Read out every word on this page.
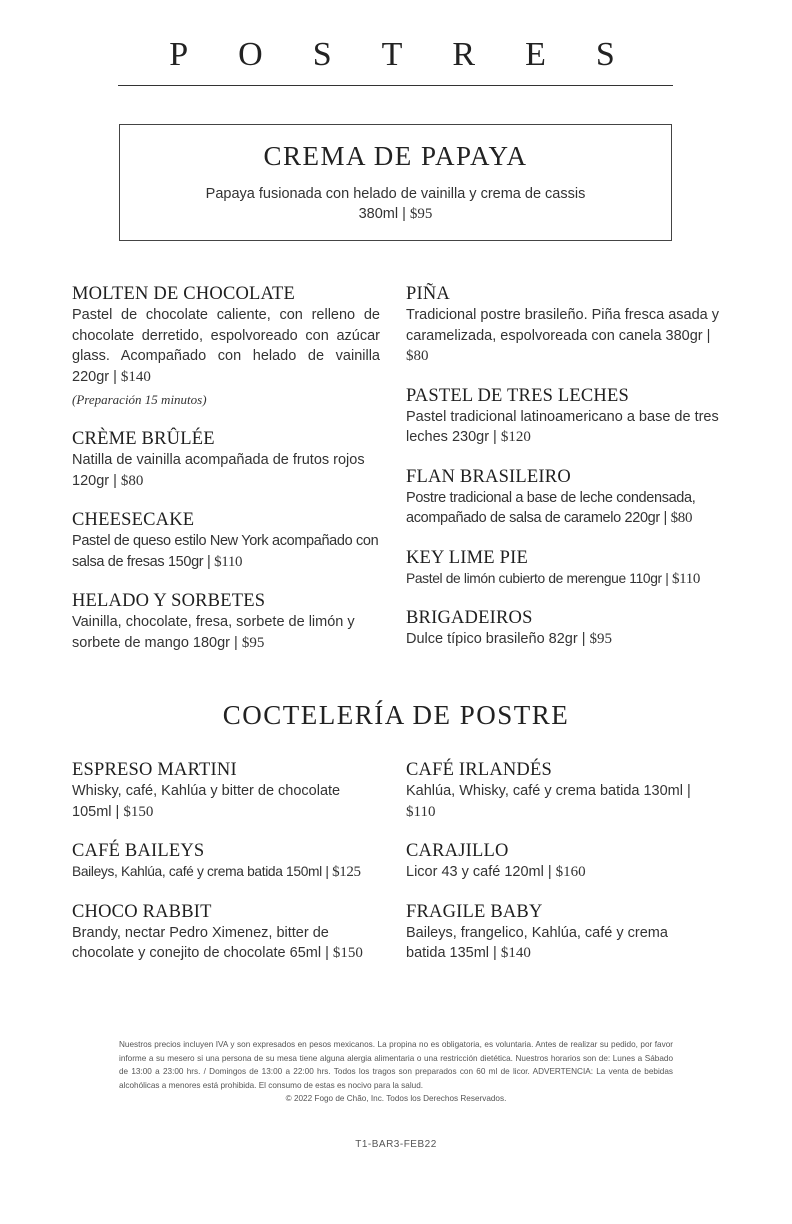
POSTRES
CREMA DE PAPAYA
Papaya fusionada con helado de vainilla y crema de cassis
380ml | $95
MOLTEN DE CHOCOLATE
Pastel de chocolate caliente, con relleno de chocolate derretido, espolvoreado con azúcar glass. Acompañado con helado de vainilla 220gr | $140
(Preparación 15 minutos)
CRÈME BRÛLÉE
Natilla de vainilla acompañada de frutos rojos 120gr | $80
CHEESECAKE
Pastel de queso estilo New York acompañado con salsa de fresas 150gr | $110
HELADO Y SORBETES
Vainilla, chocolate, fresa, sorbete de limón y sorbete de mango 180gr | $95
PIÑA
Tradicional postre brasileño. Piña fresca asada y caramelizada, espolvoreada con canela 380gr | $80
PASTEL DE TRES LECHES
Pastel tradicional latinoamericano a base de tres leches 230gr | $120
FLAN BRASILEIRO
Postre tradicional a base de leche condensada, acompañado de salsa de caramelo 220gr | $80
KEY LIME PIE
Pastel de limón cubierto de merengue 110gr | $110
BRIGADEIROS
Dulce típico brasileño 82gr | $95
COCTELERÍA DE POSTRE
ESPRESO MARTINI
Whisky, café, Kahlúa y bitter de chocolate 105ml | $150
CAFÉ BAILEYS
Baileys, Kahlúa, café y crema batida 150ml | $125
CHOCO RABBIT
Brandy, nectar Pedro Ximenez, bitter de chocolate y conejito de chocolate 65ml | $150
CAFÉ IRLANDÉS
Kahlúa, Whisky, café y crema batida 130ml | $110
CARAJILLO
Licor 43 y café 120ml | $160
FRAGILE BABY
Baileys, frangelico, Kahlúa, café y crema batida 135ml | $140
Nuestros precios incluyen IVA y son expresados en pesos mexicanos. La propina no es obligatoria, es voluntaria. Antes de realizar su pedido, por favor informe a su mesero si una persona de su mesa tiene alguna alergia alimentaria o una restricción dietética. Nuestros horarios son de: Lunes a Sábado de 13:00 a 23:00 hrs. / Domingos de 13:00 a 22:00 hrs. Todos los tragos son preparados con 60 ml de licor. ADVERTENCIA: La venta de bebidas alcohólicas a menores está prohibida. El consumo de estas es nocivo para la salud.
© 2022 Fogo de Chão, Inc. Todos los Derechos Reservados.
T1-BAR3-FEB22
